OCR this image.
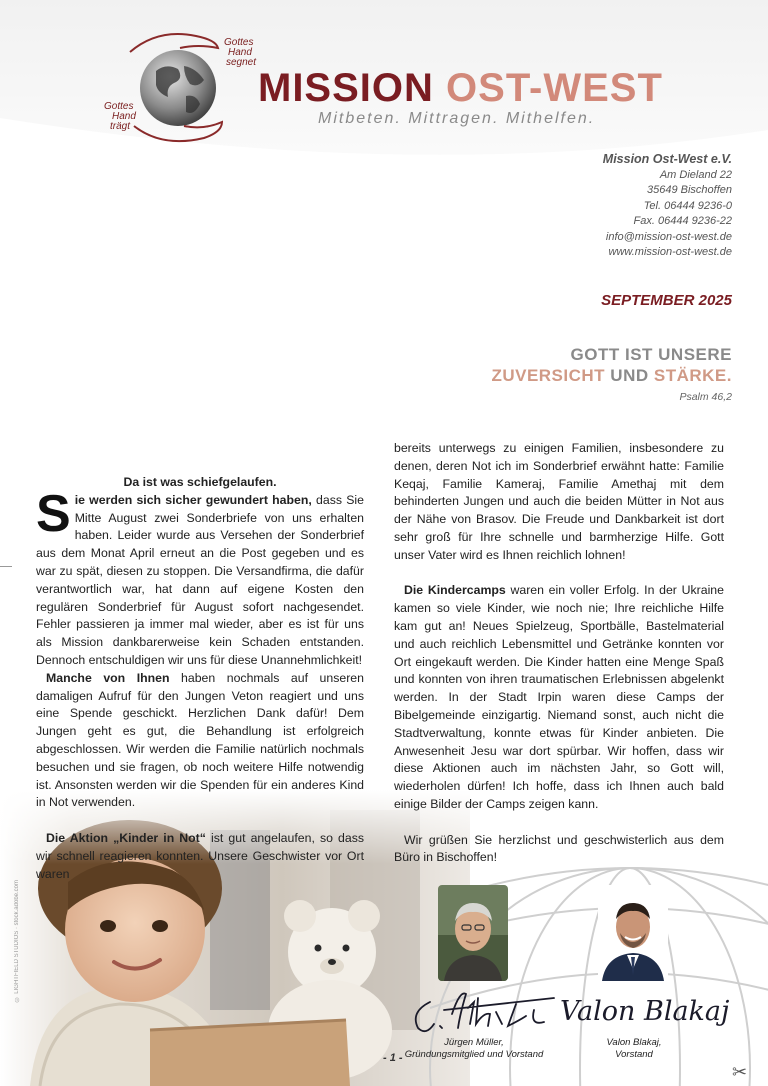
Gottes
Hand
segnet
Gottes
Hand
trägt
MISSION OST-WEST
Mitbeten. Mittragen. Mithelfen.
Mission Ost-West e.V.
Am Dieland 22
35649 Bischoffen
Tel. 06444 9236-0
Fax. 06444 9236-22
info@mission-ost-west.de
www.mission-ost-west.de
SEPTEMBER 2025
GOTT IST UNSERE
ZUVERSICHT UND STÄRKE.
Psalm 46,2
© LIGHTFIELD STUDIOS · stock.adobe.com

Da ist was schiefgelaufen.

Sie werden sich sicher gewundert haben, dass Sie Mitte August zwei Sonderbriefe von uns erhalten haben. Leider wurde aus Versehen der Sonderbrief aus dem Monat April erneut an die Post gegeben und es war zu spät, diesen zu stoppen. Die Versandfirma, die dafür verantwortlich war, hat dann auf eigene Kosten den regulären Sonderbrief für August sofort nachgesendet. Fehler passieren ja immer mal wieder, aber es ist für uns als Mission dankbarerweise kein Schaden entstanden. Dennoch entschuldigen wir uns für diese Unannehmlichkeit!

Manche von Ihnen haben nochmals auf unseren damaligen Aufruf für den Jungen Veton reagiert und uns eine Spende geschickt. Herzlichen Dank dafür! Dem Jungen geht es gut, die Behandlung ist erfolgreich abgeschlossen. Wir werden die Familie natürlich nochmals besuchen und sie fragen, ob noch weitere Hilfe notwendig ist. Ansonsten werden wir die Spenden für ein anderes Kind in Not verwenden.

Die Aktion „Kinder in Not“ ist gut angelaufen, so dass wir schnell reagieren konnten. Unsere Geschwister vor Ort waren

bereits unterwegs zu einigen Familien, insbesondere zu denen, deren Not ich im Sonderbrief erwähnt hatte: Familie Keqaj, Familie Kameraj, Familie Amethaj mit dem behinderten Jungen und auch die beiden Mütter in Not aus der Nähe von Brasov. Die Freude und Dankbarkeit ist dort sehr groß für Ihre schnelle und barmherzige Hilfe. Gott unser Vater wird es Ihnen reichlich lohnen!

Die Kindercamps waren ein voller Erfolg. In der Ukraine kamen so viele Kinder, wie noch nie; Ihre reichliche Hilfe kam gut an! Neues Spielzeug, Sportbälle, Bastelmaterial und auch reichlich Lebensmittel und Getränke konnten vor Ort eingekauft werden. Die Kinder hatten eine Menge Spaß und konnten von ihren traumatischen Erlebnissen abgelenkt werden. In der Stadt Irpin waren diese Camps der Bibelgemeinde einzigartig. Niemand sonst, auch nicht die Stadtverwaltung, konnte etwas für Kinder anbieten. Die Anwesenheit Jesu war dort spürbar. Wir hoffen, dass wir diese Aktionen auch im nächsten Jahr, so Gott will, wiederholen dürfen! Ich hoffe, dass ich Ihnen auch bald einige Bilder der Camps zeigen kann.

Wir grüßen Sie herzlichst und geschwisterlich aus dem Büro in Bischoffen!

Valon Blakaj
Jürgen Müller,
Gründungsmitglied und Vorstand
Valon Blakaj,
Vorstand
- 1 -
✂
